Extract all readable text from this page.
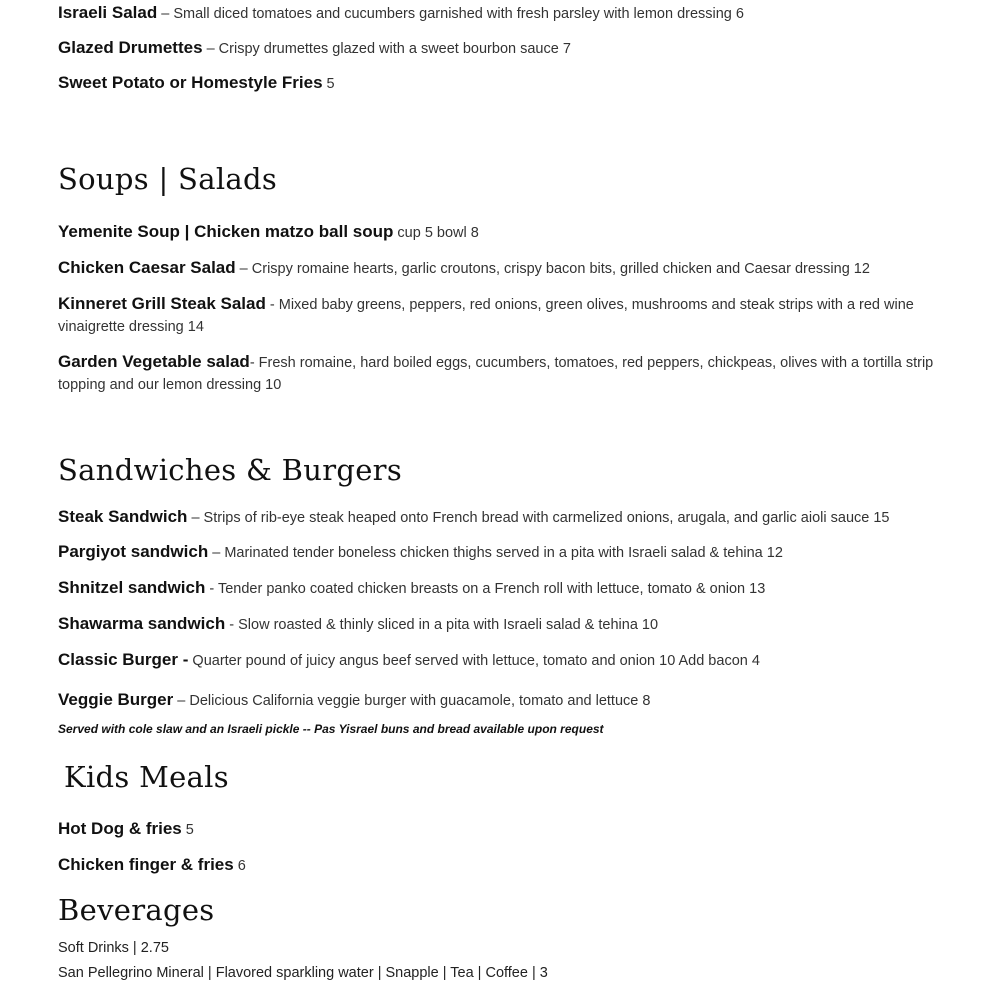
Israeli Salad – Small diced tomatoes and cucumbers garnished with fresh parsley with lemon dressing 6
Glazed Drumettes – Crispy drumettes glazed with a sweet bourbon sauce 7
Sweet Potato or Homestyle Fries 5
Soups | Salads
Yemenite Soup | Chicken matzo ball soup cup 5 bowl 8
Chicken Caesar Salad – Crispy romaine hearts, garlic croutons, crispy bacon bits, grilled chicken and Caesar dressing 12
Kinneret Grill Steak Salad - Mixed baby greens, peppers, red onions, green olives, mushrooms and steak strips with a red wine vinaigrette dressing 14
Garden Vegetable salad- Fresh romaine, hard boiled eggs, cucumbers, tomatoes, red peppers, chickpeas, olives with a tortilla strip topping and our lemon dressing 10
Sandwiches & Burgers
Steak Sandwich – Strips of rib-eye steak heaped onto French bread with carmelized onions, arugala, and garlic aioli sauce 15
Pargiyot sandwich – Marinated tender boneless chicken thighs served in a pita with Israeli salad & tehina 12
Shnitzel sandwich - Tender panko coated chicken breasts on a French roll with lettuce, tomato & onion 13
Shawarma sandwich - Slow roasted & thinly sliced in a pita with Israeli salad & tehina 10
Classic Burger - Quarter pound of juicy angus beef served with lettuce, tomato and onion 10 Add bacon 4
Veggie Burger – Delicious California veggie burger with guacamole, tomato and lettuce 8
Served with cole slaw and an Israeli pickle -- Pas Yisrael buns and bread available upon request
Kids Meals
Hot Dog & fries 5
Chicken finger & fries 6
Beverages
Soft Drinks | 2.75
San Pellegrino Mineral | Flavored sparkling water | Snapple | Tea | Coffee | 3
